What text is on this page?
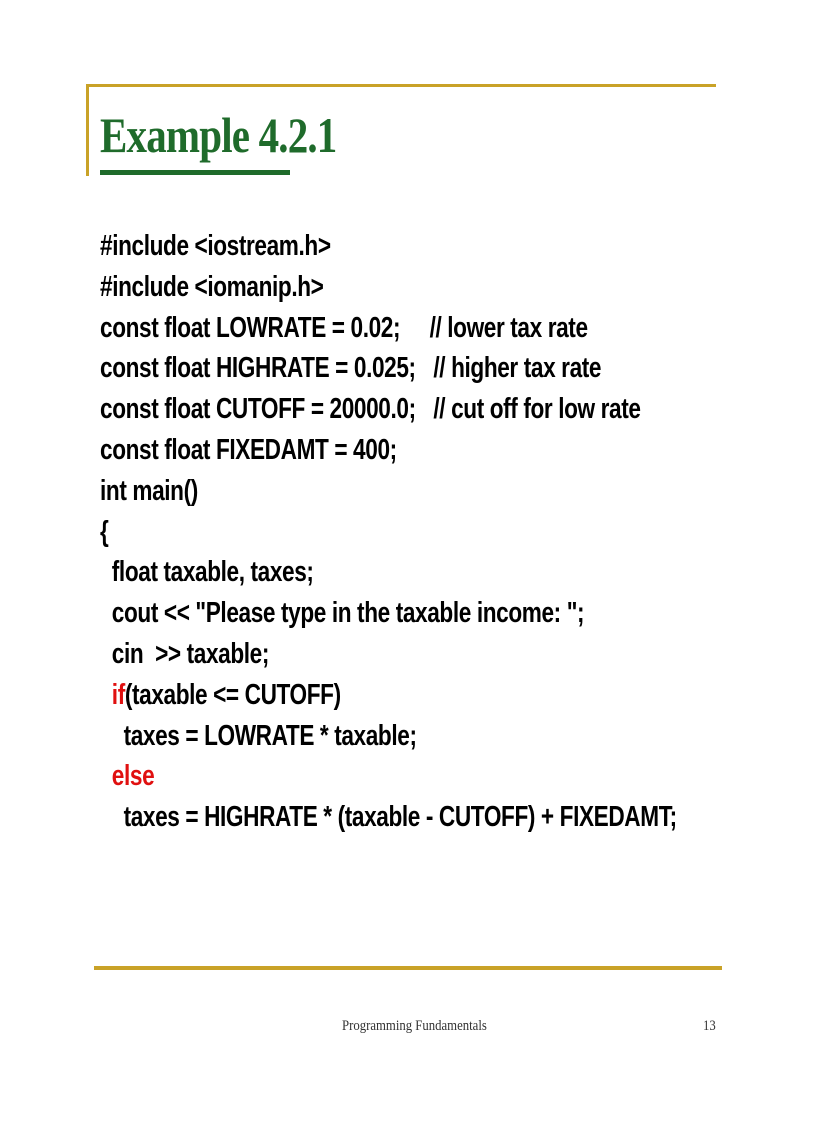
Example 4.2.1
#include <iostream.h>
#include <iomanip.h>
const float LOWRATE = 0.02;     // lower tax rate
const float HIGHRATE = 0.025;   // higher tax rate
const float CUTOFF = 20000.0;   // cut off for low rate
const float FIXEDAMT = 400;
int main()
{
float taxable, taxes;
cout << "Please type in the taxable income: ";
cin  >> taxable;
if(taxable <= CUTOFF)
taxes = LOWRATE * taxable;
else
taxes = HIGHRATE * (taxable - CUTOFF) + FIXEDAMT;
Programming Fundamentals	13
